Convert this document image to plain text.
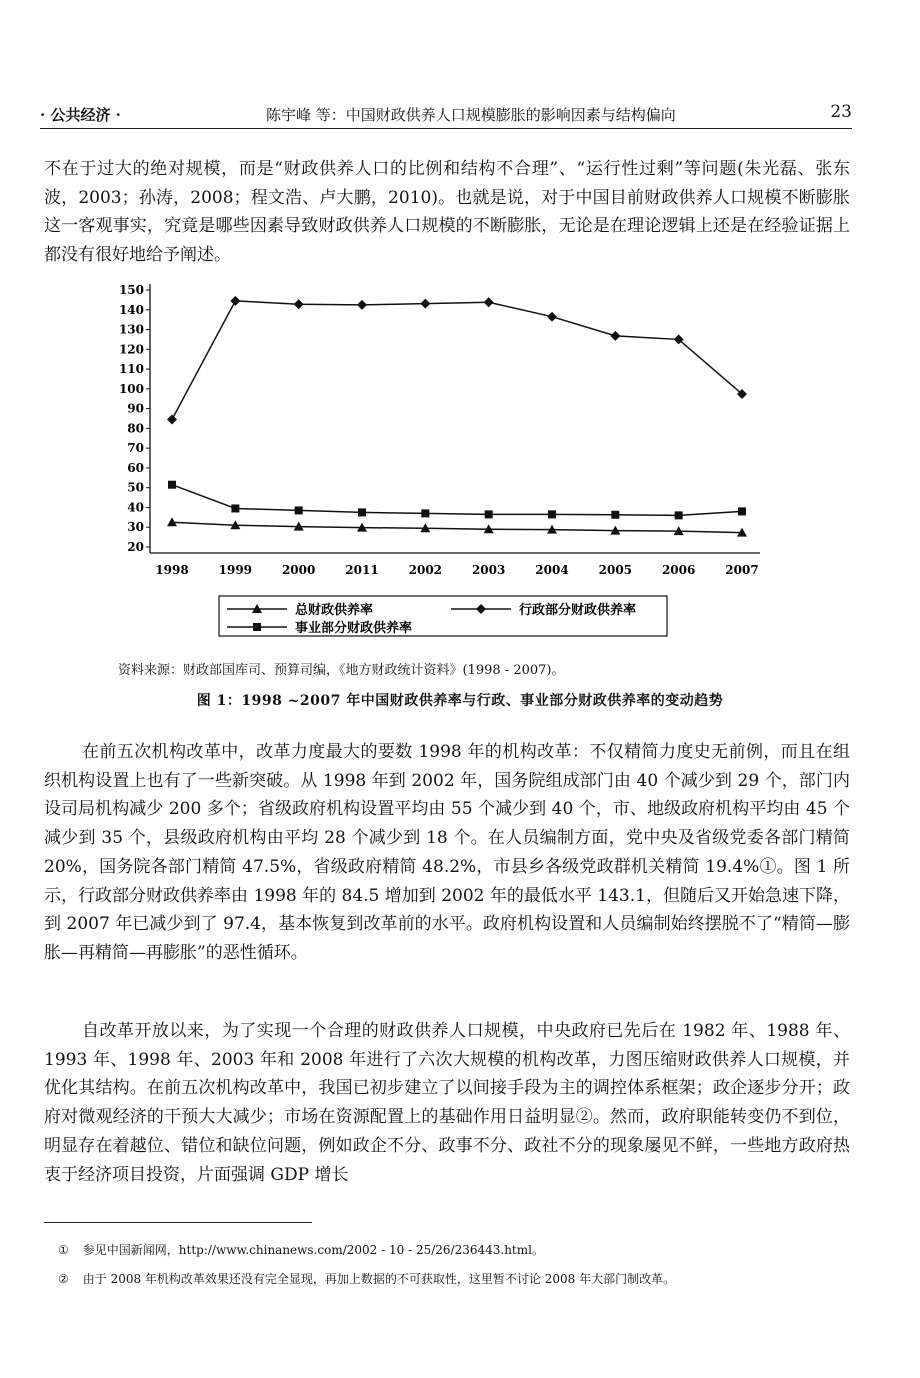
· 公共经济 ·	陈宇峰 等：中国财政供养人口规模膨胀的影响因素与结构偏向	23

不在于过大的绝对规模，而是“财政供养人口的比例和结构不合理”、“运行性过剩”等问题(朱光磊、张东波，2003；孙涛，2008；程文浩、卢大鹏，2010)。也就是说，对于中国目前财政供养人口规模不断膨胀这一客观事实，究竟是哪些因素导致财政供养人口规模的不断膨胀，无论是在理论逻辑上还是在经验证据上都没有很好地给予阐述。

20
30
40
50
60
70
80
90
100
110
120
130
140
150
1998 1999 2000 2011 2002 2003 2004 2005 2006 2007
总财政供养率	行政部分财政供养率
事业部分财政供养率
资料来源：财政部国库司、预算司编，《地方财政统计资料》(1998 - 2007)。
图 1：1998 ~2007 年中国财政供养率与行政、事业部分财政供养率的变动趋势

在前五次机构改革中，改革力度最大的要数 1998 年的机构改革：不仅精简力度史无前例，而且在组织机构设置上也有了一些新突破。从 1998 年到 2002 年，国务院组成部门由 40 个减少到 29 个，部门内设司局机构减少 200 多个；省级政府机构设置平均由 55 个减少到 40 个，市、地级政府机构平均由 45 个减少到 35 个，县级政府机构由平均 28 个减少到 18 个。在人员编制方面，党中央及省级党委各部门精简 20%，国务院各部门精简 47.5%，省级政府精简 48.2%，市县乡各级党政群机关精简 19.4%①。图 1 所示，行政部分财政供养率由 1998 年的 84.5 增加到 2002 年的最低水平 143.1，但随后又开始急速下降，到 2007 年已减少到了 97.4，基本恢复到改革前的水平。政府机构设置和人员编制始终摆脱不了“精简—膨胀—再精简—再膨胀”的恶性循环。

自改革开放以来，为了实现一个合理的财政供养人口规模，中央政府已先后在 1982 年、1988 年、1993 年、1998 年、2003 年和 2008 年进行了六次大规模的机构改革，力图压缩财政供养人口规模，并优化其结构。在前五次机构改革中，我国已初步建立了以间接手段为主的调控体系框架；政企逐步分开；政府对微观经济的干预大大减少；市场在资源配置上的基础作用日益明显②。然而，政府职能转变仍不到位，明显存在着越位、错位和缺位问题，例如政企不分、政事不分、政社不分的现象屡见不鲜，一些地方政府热衷于经济项目投资，片面强调 GDP 增长

① 参见中国新闻网，http://www.chinanews.com/2002 - 10 - 25/26/236443.html。
② 由于 2008 年机构改革效果还没有完全显现，再加上数据的不可获取性，这里暂不讨论 2008 年大部门制改革。
